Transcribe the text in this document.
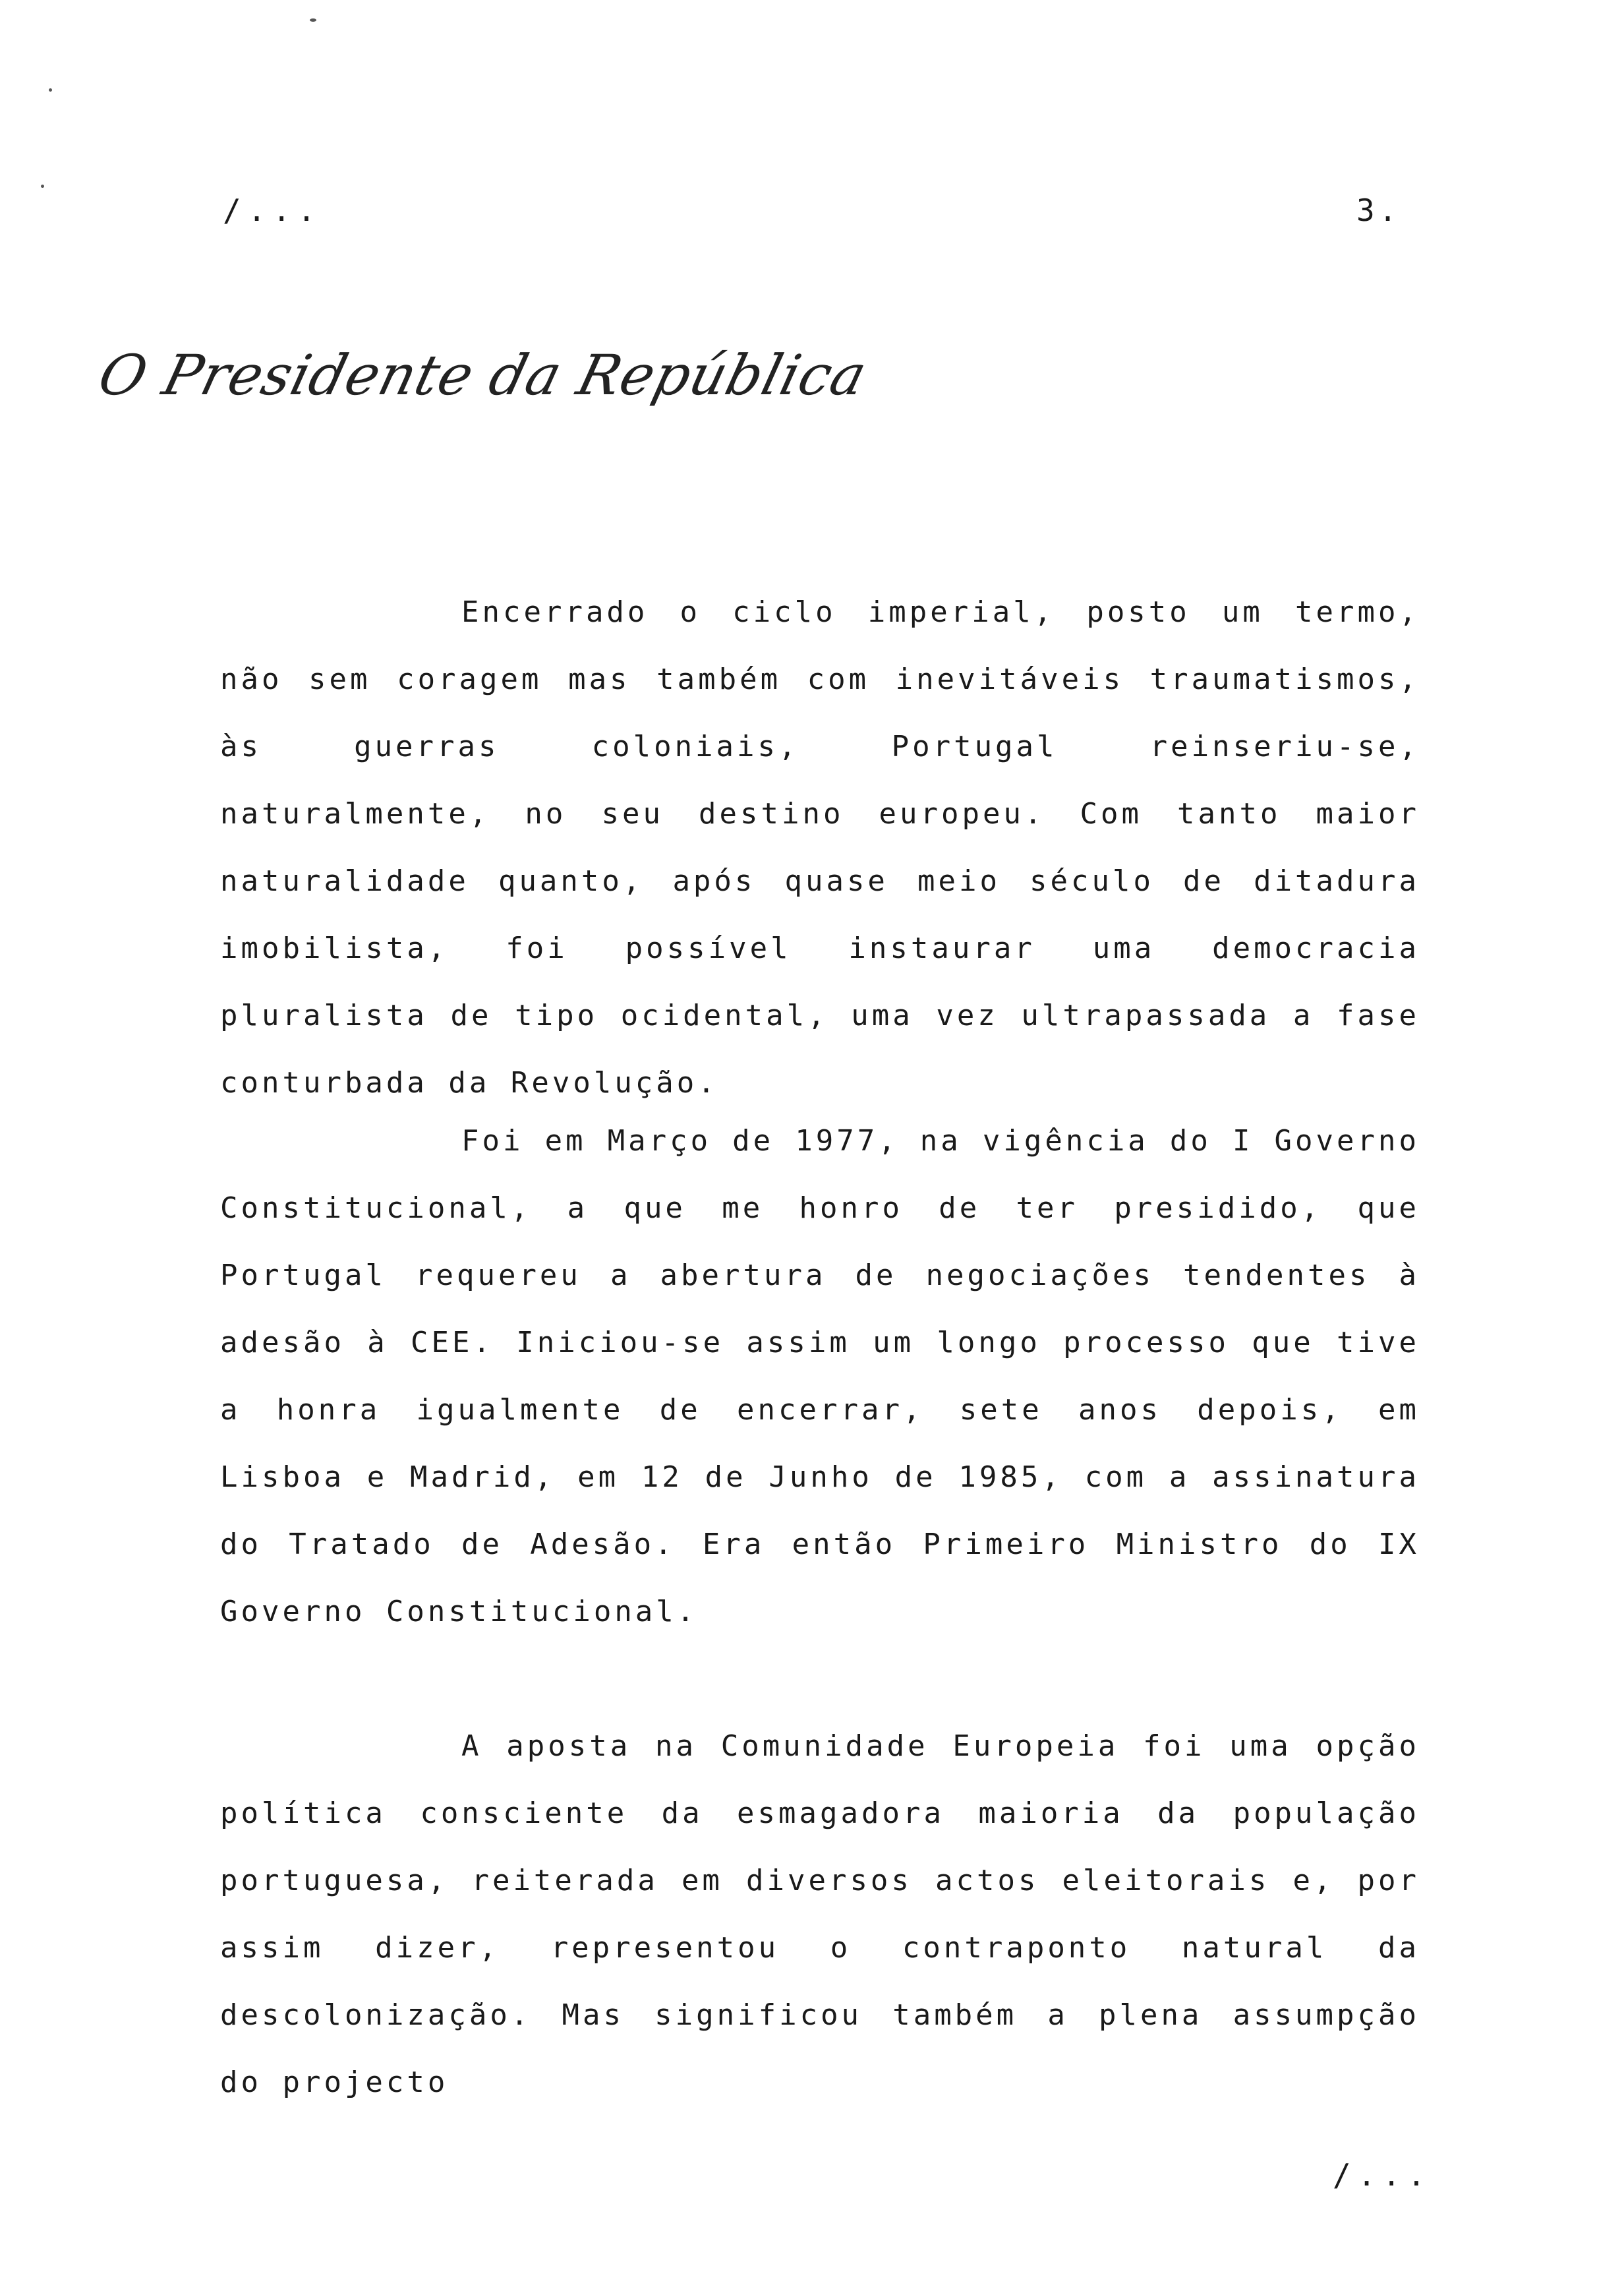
/...	3.
O Presidente da República

Encerrado o ciclo imperial, posto um termo, não sem coragem mas também com inevitáveis traumatismos, às guerras coloniais, Portugal reinseriu-se, naturalmente, no seu destino europeu. Com tanto maior naturalidade quanto, após quase meio século de ditadura imobilista, foi possível instaurar uma democracia pluralista de tipo ocidental, uma vez ultrapassada a fase conturbada da Revolução.

Foi em Março de 1977, na vigência do I Governo Constitucional, a que me honro de ter presidido, que Portugal requereu a abertura de negociações tendentes à adesão à CEE. Iniciou-se assim um longo processo que tive a honra igualmente de encerrar, sete anos depois, em Lisboa e Madrid, em 12 de Junho de 1985, com a assinatura do Tratado de Adesão. Era então Primeiro Ministro do IX Governo Constitucional.

A aposta na Comunidade Europeia foi uma opção política consciente da esmagadora maioria da população portuguesa, reiterada em diversos actos eleitorais e, por assim dizer, representou o contraponto natural da descolonização. Mas significou também a plena assumpção do projecto

/...
